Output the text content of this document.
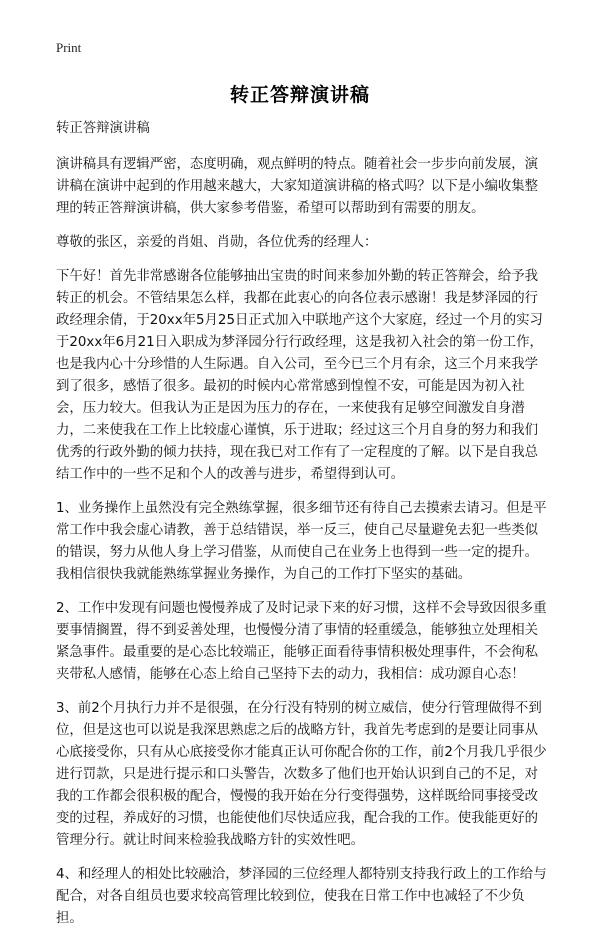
Print
转正答辩演讲稿

转正答辩演讲稿

演讲稿具有逻辑严密，态度明确，观点鲜明的特点。随着社会一步步向前发展，演讲稿在演讲中起到的作用越来越大，大家知道演讲稿的格式吗？以下是小编收集整理的转正答辩演讲稿，供大家参考借鉴，希望可以帮助到有需要的朋友。

尊敬的张区，亲爱的肖姐、肖勋，各位优秀的经理人：

下午好！首先非常感谢各位能够抽出宝贵的时间来参加外勤的转正答辩会，给予我转正的机会。不管结果怎么样，我都在此衷心的向各位表示感谢！我是梦泽园的行政经理余倩，于20xx年5月25日正式加入中联地产这个大家庭，经过一个月的实习于20xx年6月21日入职成为梦泽园分行行政经理，这是我初入社会的第一份工作，也是我内心十分珍惜的人生际遇。自入公司，至今已三个月有余，这三个月来我学到了很多，感悟了很多。最初的时候内心常常感到惶惶不安，可能是因为初入社会，压力较大。但我认为正是因为压力的存在，一来使我有足够空间激发自身潜力，二来使我在工作上比较虚心谨慎，乐于进取；经过这三个月自身的努力和我们优秀的行政外勤的倾力扶持，现在我已对工作有了一定程度的了解。以下是自我总结工作中的一些不足和个人的改善与进步，希望得到认可。

1、业务操作上虽然没有完全熟练掌握，很多细节还有待自己去摸索去请习。但是平常工作中我会虚心请教，善于总结错误，举一反三，使自己尽量避免去犯一些类似的错误，努力从他人身上学习借鉴，从而使自己在业务上也得到一些一定的提升。我相信很快我就能熟练掌握业务操作，为自己的工作打下坚实的基础。

2、工作中发现有问题也慢慢养成了及时记录下来的好习惯，这样不会导致因很多重要事情搁置，得不到妥善处理，也慢慢分清了事情的轻重缓急，能够独立处理相关紧急事件。最重要的是心态比较端正，能够正面看待事情积极处理事件，不会徇私夹带私人感情，能够在心态上给自己坚持下去的动力，我相信：成功源自心态！

3、前2个月执行力并不是很强，在分行没有特别的树立威信，使分行管理做得不到位，但是这也可以说是我深思熟虑之后的战略方针，我首先考虑到的是要让同事从心底接受你，只有从心底接受你才能真正认可你配合你的工作，前2个月我几乎很少进行罚款，只是进行提示和口头警告，次数多了他们也开始认识到自己的不足，对我的工作都会很积极的配合，慢慢的我开始在分行变得强势，这样既给同事接受改变的过程，养成好的习惯，也能使他们尽快适应我，配合我的工作。使我能更好的管理分行。就让时间来检验我战略方针的实效性吧。

4、和经理人的相处比较融洽，梦泽园的三位经理人都特别支持我行政上的工作给与配合，对各自组员也要求较高管理比较到位，使我在日常工作中也减轻了不少负担。
